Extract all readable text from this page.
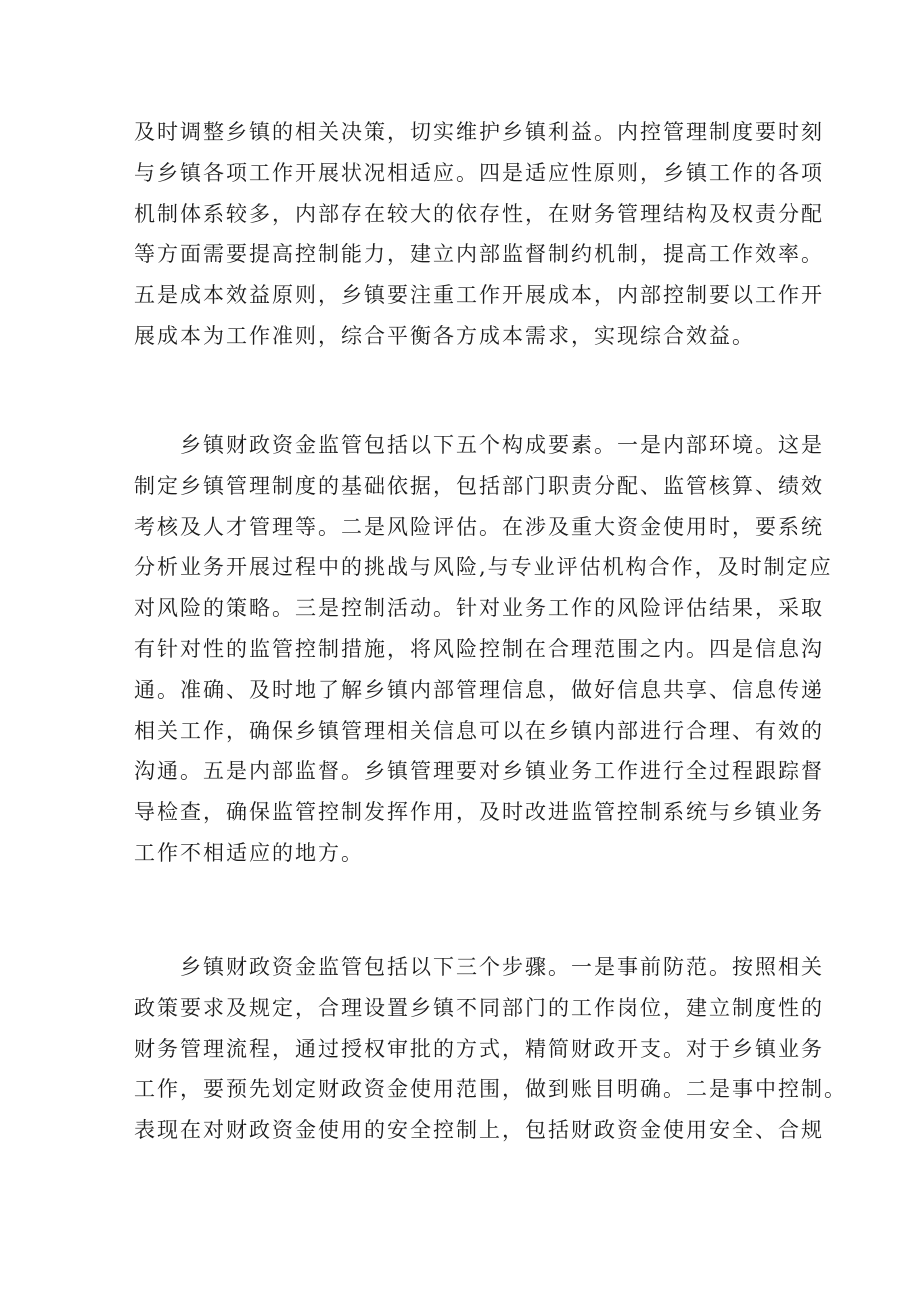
及时调整乡镇的相关决策，切实维护乡镇利益。内控管理制度要时刻
与乡镇各项工作开展状况相适应。四是适应性原则，乡镇工作的各项
机制体系较多，内部存在较大的依存性，在财务管理结构及权责分配
等方面需要提高控制能力，建立内部监督制约机制，提高工作效率。
五是成本效益原则，乡镇要注重工作开展成本，内部控制要以工作开
展成本为工作准则，综合平衡各方成本需求，实现综合效益。
　　乡镇财政资金监管包括以下五个构成要素。一是内部环境。这是
制定乡镇管理制度的基础依据，包括部门职责分配、监管核算、绩效
考核及人才管理等。二是风险评估。在涉及重大资金使用时，要系统
分析业务开展过程中的挑战与风险,与专业评估机构合作，及时制定应
对风险的策略。三是控制活动。针对业务工作的风险评估结果，采取
有针对性的监管控制措施，将风险控制在合理范围之内。四是信息沟
通。准确、及时地了解乡镇内部管理信息，做好信息共享、信息传递
相关工作，确保乡镇管理相关信息可以在乡镇内部进行合理、有效的
沟通。五是内部监督。乡镇管理要对乡镇业务工作进行全过程跟踪督
导检查，确保监管控制发挥作用，及时改进监管控制系统与乡镇业务
工作不相适应的地方。
　　乡镇财政资金监管包括以下三个步骤。一是事前防范。按照相关
政策要求及规定，合理设置乡镇不同部门的工作岗位，建立制度性的
财务管理流程，通过授权审批的方式，精简财政开支。对于乡镇业务
工作，要预先划定财政资金使用范围，做到账目明确。二是事中控制。
表现在对财政资金使用的安全控制上，包括财政资金使用安全、合规
